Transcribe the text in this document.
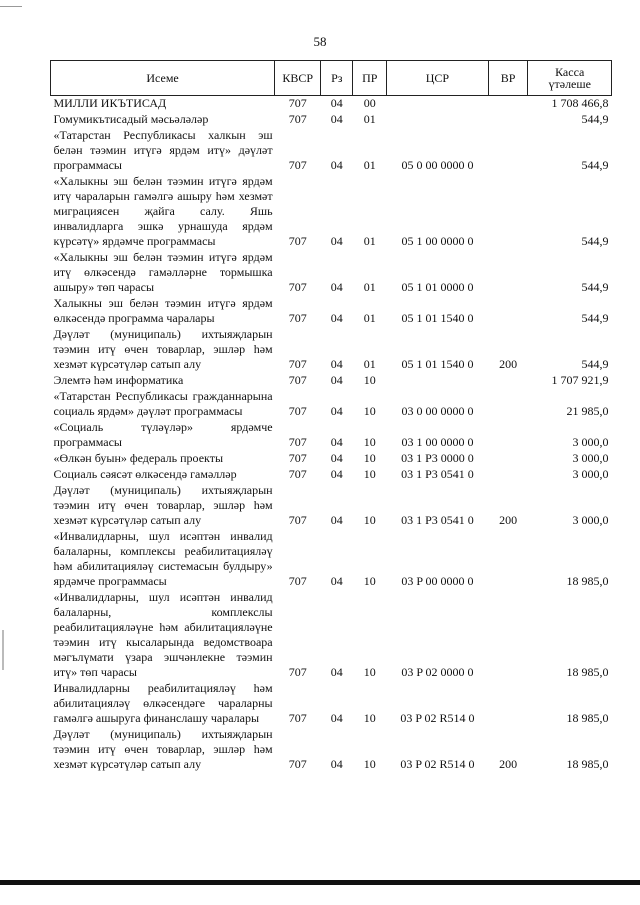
58
Исеме	КВСР	Рз	ПР	ЦСР	ВР	Касса
үтәлеше
МИЛЛИ ИКЪТИСАД	707	04	00			1 708 466,8
Гомумикътисадый мәсьәләләр	707	04	01			544,9
«Татарстан Республикасы халкын эш белән тәэмин итүгә ярдәм итү» дәүләт программасы	707	04	01	05 0 00 0000 0		544,9
«Халыкны эш белән тәэмин итүгә ярдәм итү чараларын гамәлгә ашыру һәм хезмәт миграциясен җайга салу. Яшь инвалидларга эшкә урнашуда ярдәм күрсәтү» ярдәмче программасы	707	04	01	05 1 00 0000 0		544,9
«Халыкны эш белән тәэмин итүгә ярдәм итү өлкәсендә гамәлләрне тормышка ашыру» төп чарасы	707	04	01	05 1 01 0000 0		544,9
Халыкны эш белән тәэмин итүгә ярдәм өлкәсендә программа чаралары	707	04	01	05 1 01 1540 0		544,9
Дәүләт (муниципаль) ихтыяҗларын тәэмин итү өчен товарлар, эшләр һәм хезмәт күрсәтүләр сатып алу	707	04	01	05 1 01 1540 0	200	544,9
Элемтә һәм информатика	707	04	10			1 707 921,9
«Татарстан Республикасы гражданнарына социаль ярдәм» дәүләт программасы	707	04	10	03 0 00 0000 0		21 985,0
«Социаль түләүләр» ярдәмче программасы	707	04	10	03 1 00 0000 0		3 000,0
«Өлкән буын» федераль проекты	707	04	10	03 1 P3 0000 0		3 000,0
Социаль сәясәт өлкәсендә гамәлләр	707	04	10	03 1 P3 0541 0		3 000,0
Дәүләт (муниципаль) ихтыяҗларын тәэмин итү өчен товарлар, эшләр һәм хезмәт күрсәтүләр сатып алу	707	04	10	03 1 P3 0541 0	200	3 000,0
«Инвалидларны, шул исәптән инвалид балаларны, комплексы реабилитацияләү һәм абилитацияләү системасын булдыру» ярдәмче программасы	707	04	10	03 P 00 0000 0		18 985,0
«Инвалидларны, шул исәптән инвалид балаларны, комплекслы реабилитацияләүне һәм абилитацияләүне тәэмин итү кысаларында ведомствоара мәгълүмати үзара эшчәнлекне тәэмин итү» төп чарасы	707	04	10	03 P 02 0000 0		18 985,0
Инвалидларны реабилитацияләү һәм абилитацияләү өлкәсендәге чараларны гамәлгә ашыруга финанслашу чаралары	707	04	10	03 P 02 R514 0		18 985,0
Дәүләт (муниципаль) ихтыяҗларын тәэмин итү өчен товарлар, эшләр һәм хезмәт күрсәтүләр сатып алу	707	04	10	03 P 02 R514 0	200	18 985,0
